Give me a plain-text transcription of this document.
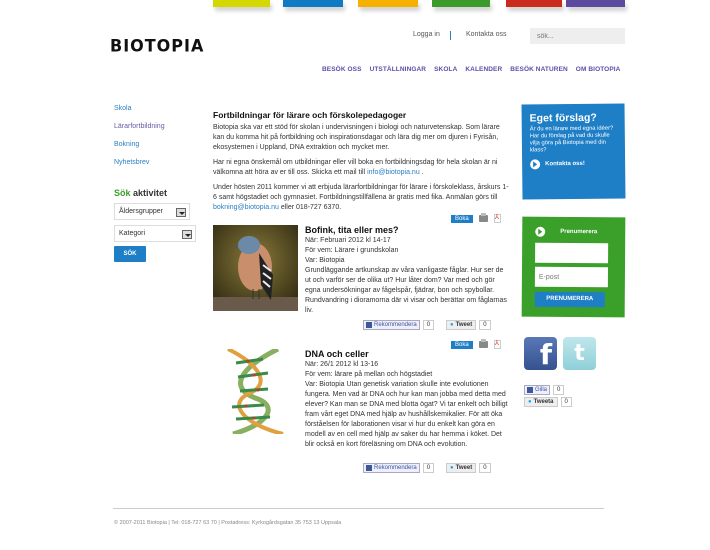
BIOTOPIA
Logga in	Kontakta oss
sök...
BESÖK OSS UTSTÄLLNINGAR SKOLA KALENDER BESÖK NATUREN OM BIOTOPIA
Skola
Lärarfortbildning
Bokning
Nyhetsbrev
Sök aktivitet
Åldersgrupper
Kategori
SÖK
Fortbildningar för lärare och förskolepedagoger

Biotopia ska var ett stöd för skolan i undervisningen i biologi och naturvetenskap. Som lärare kan du komma hit på fortbildning och inspirationsdagar och lära dig mer om djuren i Fyrisån, ekosystemen i Uppland, DNA extraktion och mycket mer.

Har ni egna önskemål om utbildningar eller vill boka en fortbildningsdag för hela skolan är ni välkomna att höra av er till oss. Skicka ett mail till info@biotopia.nu .

Under hösten 2011 kommer vi att erbjuda lärarfortbildningar för lärare i förskoleklass, årskurs 1-6 samt högstadiet och gymnasiet. Fortbildningstillfällena är gratis med fika. Anmälan görs till bokning@biotopia.nu eller 018-727 6370.

Boka
⅄
Bofink, tita eller mes?
När: Februari 2012 kl 14-17
För vem: Lärare i grundskolan
Var: Biotopia
Grundläggande artkunskap av våra vanligaste fåglar. Hur ser de ut och varför ser de olika ut? Hur låter dom? Var med och gör egna undersökningar av fågelspår, fjädrar, bon och spybollar. Rundvandring i dioramorna där vi visar och berättar om fåglarnas liv.
Rekommendera	0	● Tweet	0
Boka
⅄
DNA och celler
När: 26/1 2012 kl 13-16
För vem: lärare på mellan och högstadiet
Var: Biotopia Utan genetisk variation skulle inte evolutionen fungera. Men vad är DNA och hur kan man jobba med detta med elever? Kan man se DNA med blotta ögat? Vi tar enkelt och billigt fram vårt eget DNA med hjälp av hushållskemikalier. För att öka förståelsen för laborationen visar vi hur du enkelt kan göra en modell av en cell med hjälp av saker du har hemma i köket. Det blir också en kort föreläsning om DNA och evolution.
Rekommendera	0	● Tweet	0
Eget förslag?

Är du en lärare med egna idéer? Har du förslag på vad du skulle vilja göra på Biotopia med din klass?

Kontakta oss!
Prenumerera
E-post
PRENUMERERA
f	t
Gilla	0
● Tweeta	0
© 2007-2011 Biotopia | Tel: 018-727 63 70 | Postadress: Kyrkogårdsgatan 35 753 13 Uppsala
